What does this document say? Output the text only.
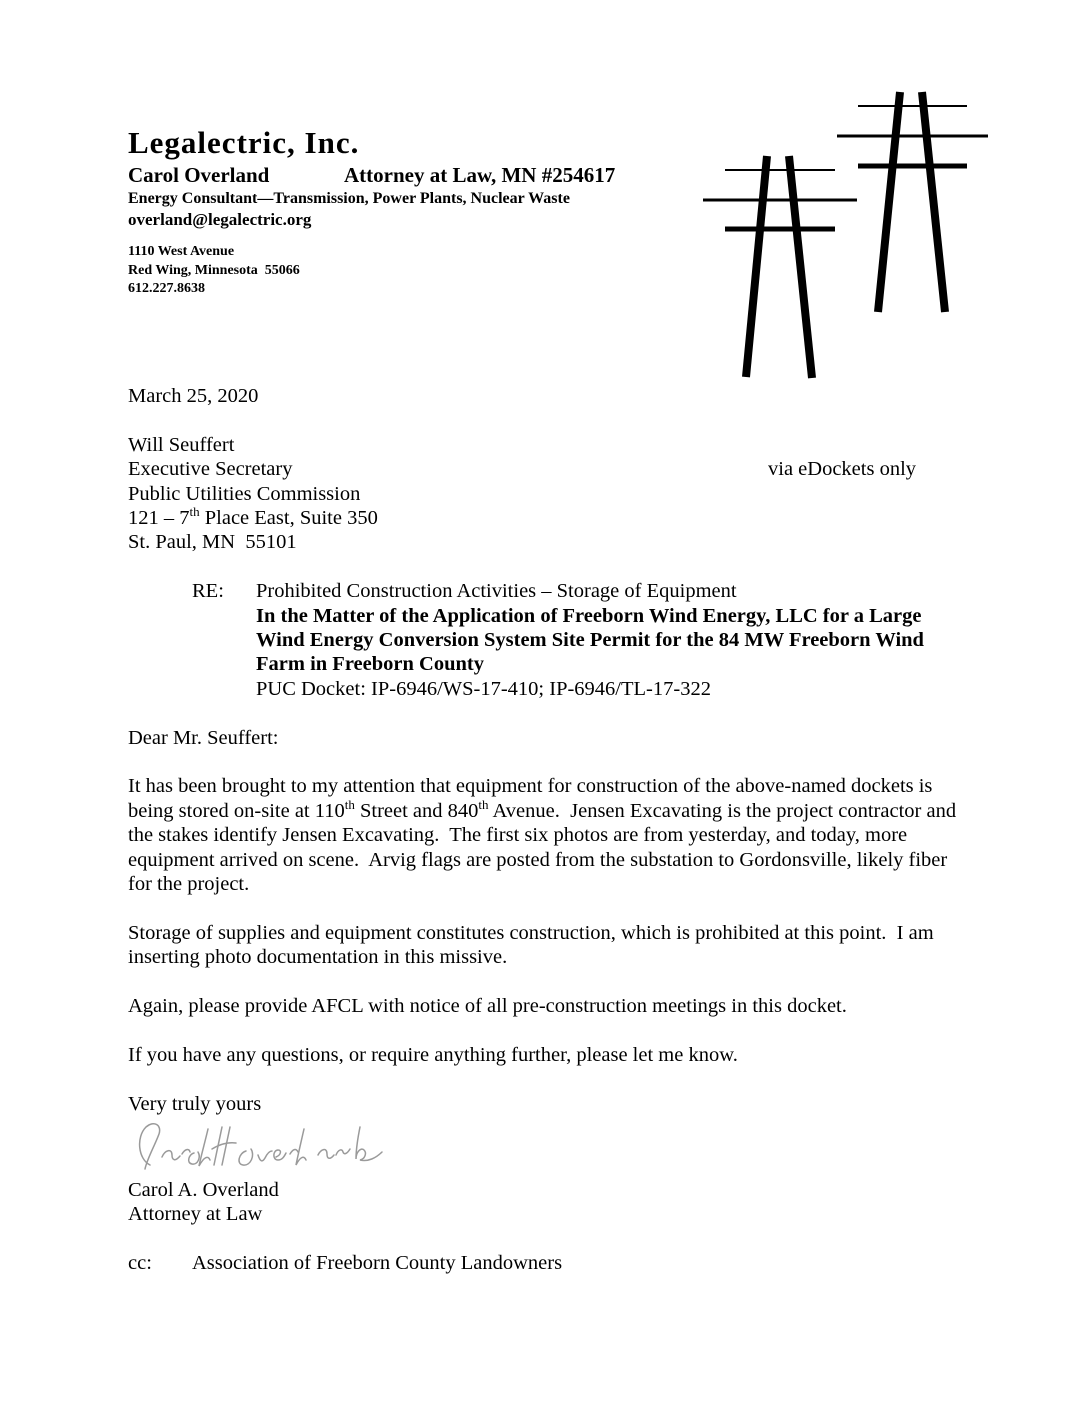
Legalectric, Inc.
Carol Overland	Attorney at Law, MN #254617
Energy Consultant—Transmission, Power Plants, Nuclear Waste
overland@legalectric.org
1110 West Avenue
Red Wing, Minnesota  55066
612.227.8638
March 25, 2020
Will Seuffert
Executive Secretary	via eDockets only
Public Utilities Commission
121 – 7th Place East, Suite 350
St. Paul, MN  55101
RE:	Prohibited Construction Activities – Storage of Equipment
In the Matter of the Application of Freeborn Wind Energy, LLC for a Large
Wind Energy Conversion System Site Permit for the 84 MW Freeborn Wind
Farm in Freeborn County
PUC Docket: IP-6946/WS-17-410; IP-6946/TL-17-322
Dear Mr. Seuffert:

It has been brought to my attention that equipment for construction of the above-named dockets is being stored on-site at 110th Street and 840th Avenue.  Jensen Excavating is the project contractor and the stakes identify Jensen Excavating.  The first six photos are from yesterday, and today, more equipment arrived on scene.  Arvig flags are posted from the substation to Gordonsville, likely fiber for the project.

Storage of supplies and equipment constitutes construction, which is prohibited at this point.  I am inserting photo documentation in this missive.

Again, please provide AFCL with notice of all pre-construction meetings in this docket.

If you have any questions, or require anything further, please let me know.

Very truly yours
Carol A. Overland
Attorney at Law
cc:	Association of Freeborn County Landowners
